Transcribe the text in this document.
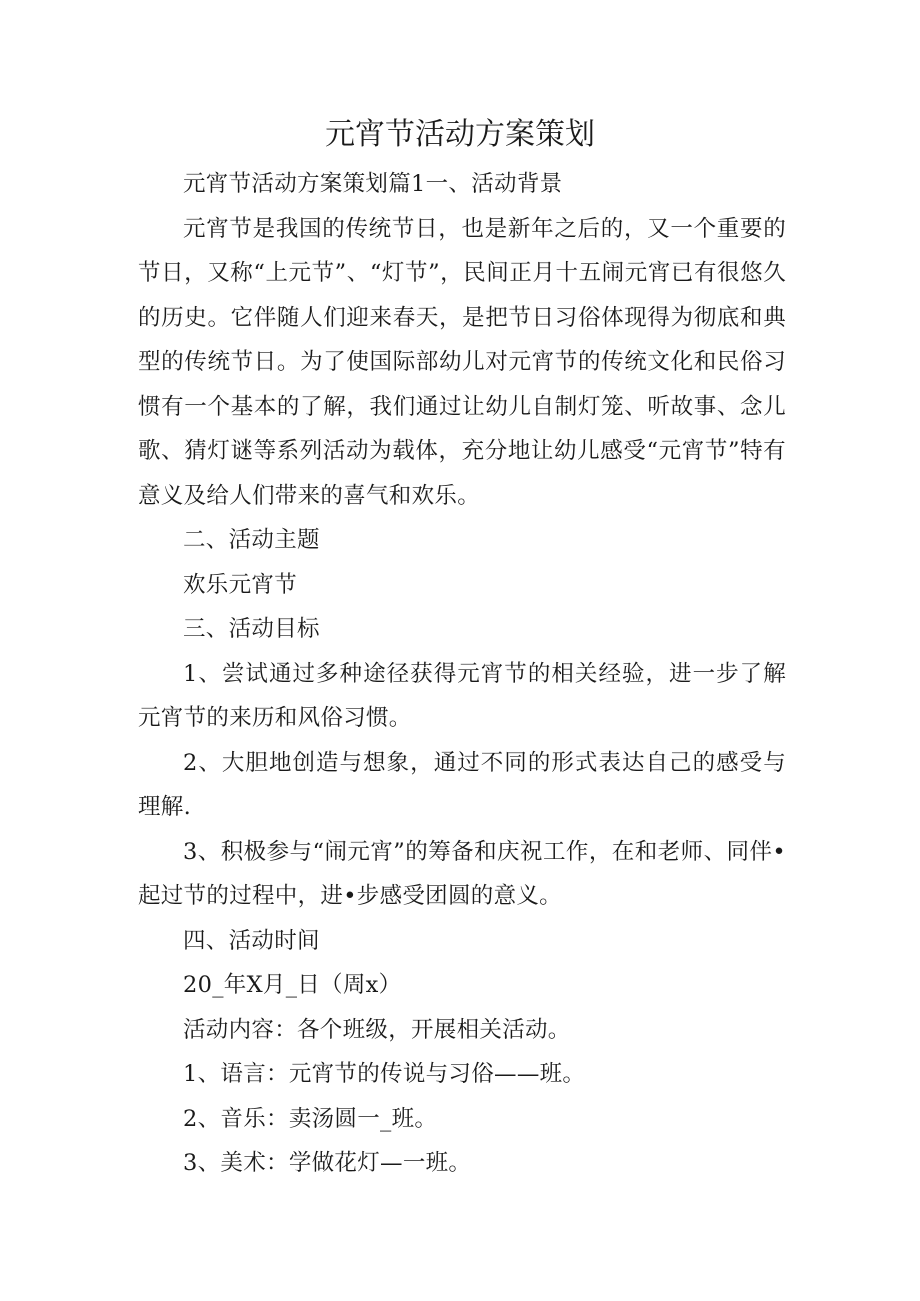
元宵节活动方案策划

元宵节活动方案策划篇1一、活动背景

元宵节是我国的传统节日，也是新年之后的，又一个重要的节日，又称“上元节”、“灯节”，民间正月十五闹元宵已有很悠久的历史。它伴随人们迎来春天，是把节日习俗体现得为彻底和典型的传统节日。为了使国际部幼儿对元宵节的传统文化和民俗习惯有一个基本的了解，我们通过让幼儿自制灯笼、听故事、念儿歌、猜灯谜等系列活动为载体，充分地让幼儿感受“元宵节”特有意义及给人们带来的喜气和欢乐。

二、活动主题

欢乐元宵节

三、活动目标

1、尝试通过多种途径获得元宵节的相关经验，进一步了解元宵节的来历和风俗习惯。

2、大胆地创造与想象，通过不同的形式表达自己的感受与理解.

3、积极参与“闹元宵”的筹备和庆祝工作，在和老师、同伴•起过节的过程中，进•步感受团圆的意义。

四、活动时间

20_年X月_日（周x）

活动内容：各个班级，开展相关活动。

1、语言：元宵节的传说与习俗——班。

2、音乐：卖汤圆一_班。

3、美术：学做花灯—一班。
